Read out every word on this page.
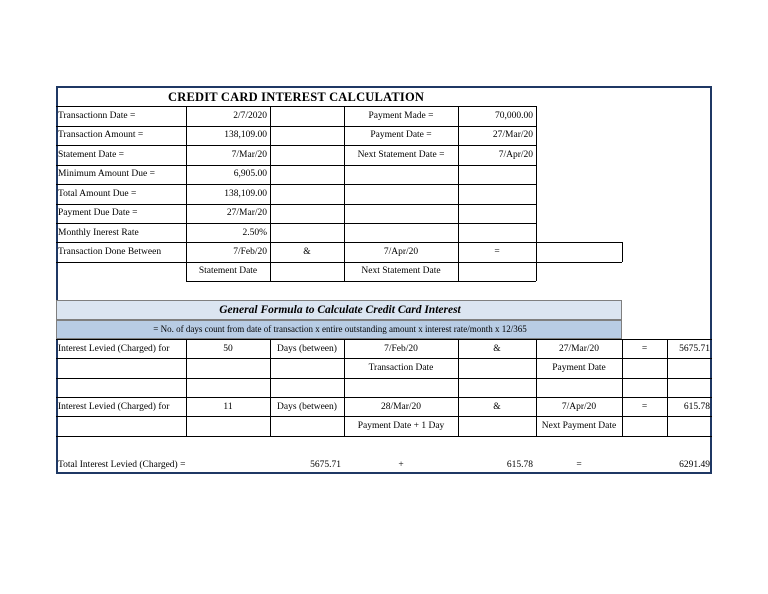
CREDIT CARD INTEREST CALCULATION
Transactionn Date =	2/7/2020	Payment Made =	70,000.00
Transaction Amount =	138,109.00	Payment Date =	27/Mar/20
Statement Date =	7/Mar/20	Next Statement Date =	7/Apr/20
Minimum Amount Due =	6,905.00
Total Amount Due =	138,109.00
Payment Due Date =	27/Mar/20
Monthly Inerest Rate	2.50%
Transaction Done Between	7/Feb/20	&	7/Apr/20	=
Statement Date	Next Statement Date
General Formula to Calculate Credit Card Interest
= No. of days count from date of transaction x entire outstanding amount x interest rate/month x 12/365
Interest Levied (Charged) for	50	Days (between)	7/Feb/20	&	27/Mar/20	=	5675.71
Transaction Date	Payment Date
Interest Levied (Charged) for	11	Days (between)	28/Mar/20	&	7/Apr/20	=	615.78
Payment Date + 1 Day	Next Payment Date
Total Interest Levied (Charged) =	5675.71	+	615.78	=	6291.49
